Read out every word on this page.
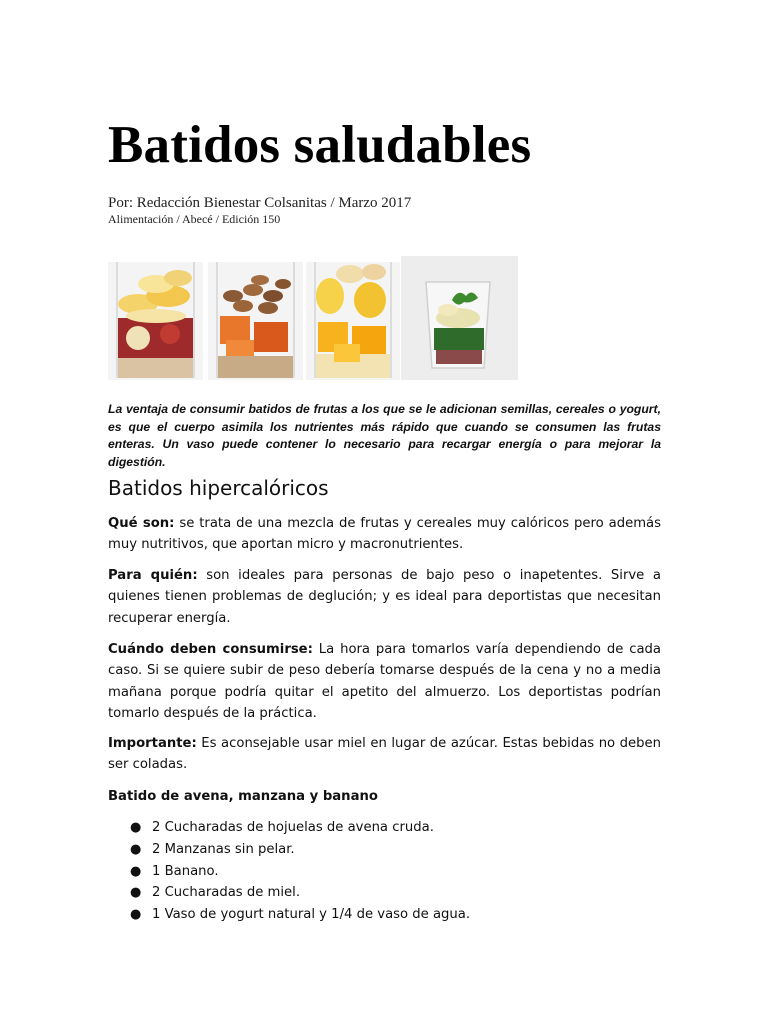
Batidos saludables

Por: Redacción Bienestar Colsanitas / Marzo 2017

Alimentación / Abecé / Edición 150

La ventaja de consumir batidos de frutas a los que se le adicionan semillas, cereales o yogurt, es que el cuerpo asimila los nutrientes más rápido que cuando se consumen las frutas enteras. Un vaso puede contener lo necesario para recargar energía o para mejorar la digestión.

Batidos hipercalóricos

Qué son: se trata de una mezcla de frutas y cereales muy calóricos pero además muy nutritivos, que aportan micro y macronutrientes.

Para quién: son ideales para personas de bajo peso o inapetentes. Sirve a quienes tienen problemas de deglución; y es ideal para deportistas que necesitan recuperar energía.

Cuándo deben consumirse: La hora para tomarlos varía dependiendo de cada caso. Si se quiere subir de peso debería tomarse después de la cena y no a media mañana porque podría quitar el apetito del almuerzo. Los deportistas podrían tomarlo después de la práctica.

Importante: Es aconsejable usar miel en lugar de azúcar. Estas bebidas no deben ser coladas.

Batido de avena, manzana y banano

● 2 Cucharadas de hojuelas de avena cruda.
● 2 Manzanas sin pelar.
● 1 Banano.
● 2 Cucharadas de miel.
● 1 Vaso de yogurt natural y 1/4 de vaso de agua.
